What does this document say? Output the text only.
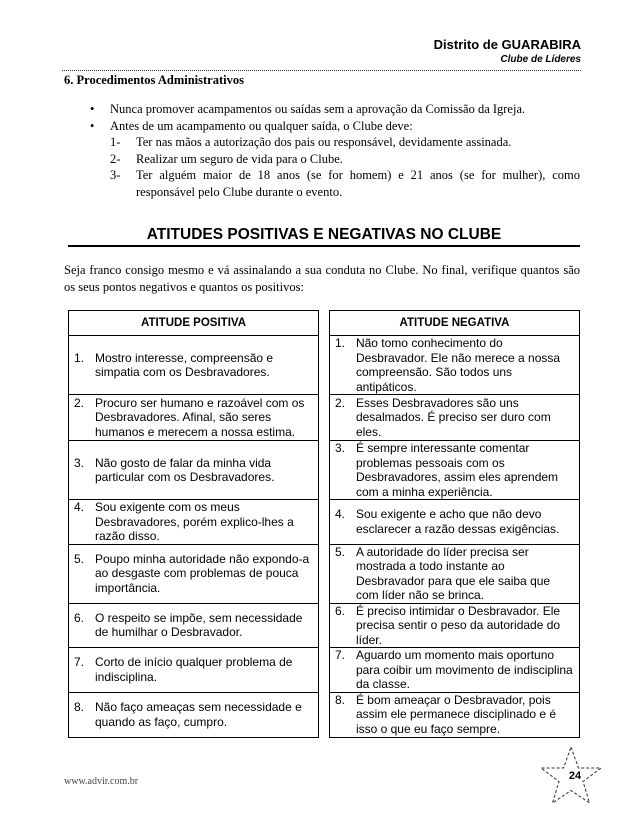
Distrito de GUARABIRA
Clube de Líderes
6. Procedimentos Administrativos
• Nunca promover acampamentos ou saídas sem a aprovação da Comissão da Igreja.
• Antes de um acampamento ou qualquer saída, o Clube deve:
1- Ter nas mãos a autorização dos pais ou responsável, devidamente assinada.
2- Realizar um seguro de vida para o Clube.
3- Ter alguém maior de 18 anos (se for homem) e 21 anos (se for mulher), como responsável pelo Clube durante o evento.
ATITUDES POSITIVAS E NEGATIVAS NO CLUBE
Seja franco consigo mesmo e vá assinalando a sua conduta no Clube. No final, verifique quantos são os seus pontos negativos e quantos os positivos:
ATITUDE POSITIVA		ATITUDE NEGATIVA

1. Mostro interesse, compreensão e simpatia com os Desbravadores.		1. Não tomo conhecimento do Desbravador. Ele não merece a nossa compreensão. São todos uns antipáticos.

2. Procuro ser humano e razoável com os Desbravadores. Afinal, são seres humanos e merecem a nossa estima.		2. Esses Desbravadores são uns desalmados. É preciso ser duro com eles.

3. Não gosto de falar da minha vida particular com os Desbravadores.		3. É sempre interessante comentar problemas pessoais com os Desbravadores, assim eles aprendem com a minha experiência.

4. Sou exigente com os meus Desbravadores, porém explico-lhes a razão disso.		4. Sou exigente e acho que não devo esclarecer a razão dessas exigências.

5. Poupo minha autoridade não expondo-a ao desgaste com problemas de pouca importância.		5. A autoridade do líder precisa ser mostrada a todo instante ao Desbravador para que ele saiba que com líder não se brinca.

6. O respeito se impõe, sem necessidade de humilhar o Desbravador.		6. É preciso intimidar o Desbravador. Ele precisa sentir o peso da autoridade do líder.

7. Corto de início qualquer problema de indisciplina.		7. Aguardo um momento mais oportuno para coibir um movimento de indisciplina da classe.

8. Não faço ameaças sem necessidade e quando as faço, cumpro.		8. É bom ameaçar o Desbravador, pois assim ele permanece disciplinado e é isso o que eu faço sempre.
www.advir.com.br	24
